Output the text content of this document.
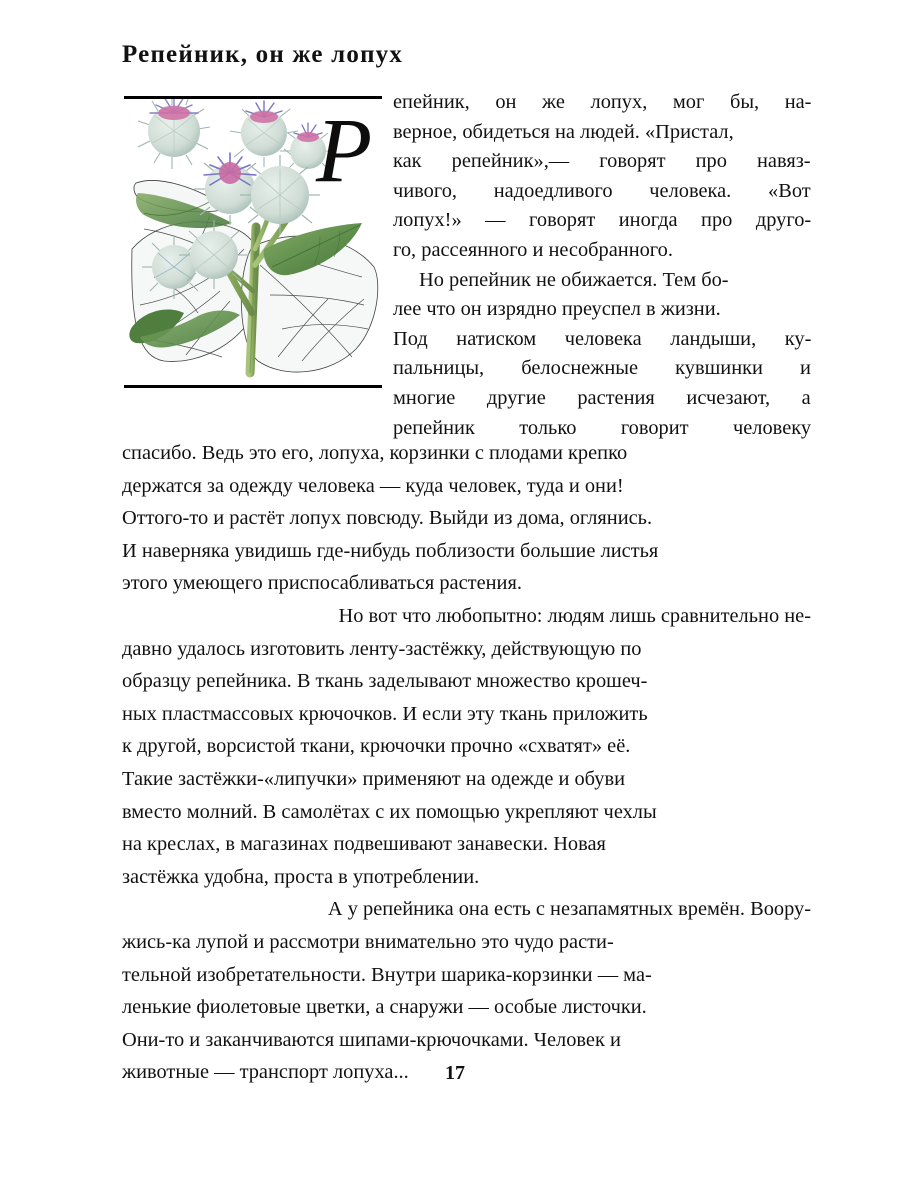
Репейник, он же лопух
Р епейник, он же лопух, мог бы, на-
верное, обидеться на людей. «Пристал,
как репейник»,— говорят про навяз-
чивого, надоедливого человека. «Вот
лопух!» — говорят иногда про друго-
го, рассеянного и несобранного.
Но репейник не обижается. Тем бо-
лее что он изрядно преуспел в жизни.
Под натиском человека ландыши, ку-
пальницы, белоснежные кувшинки и
многие другие растения исчезают, а
репейник только говорит человеку
спасибо. Ведь это его, лопуха, корзинки с плодами крепко
держатся за одежду человека — куда человек, туда и они!
Оттого-то и растёт лопух повсюду. Выйди из дома, оглянись.
И наверняка увидишь где-нибудь поблизости большие листья
этого умеющего приспосабливаться растения.
Но вот что любопытно: людям лишь сравнительно не-
давно удалось изготовить ленту-застёжку, действующую по
образцу репейника. В ткань заделывают множество крошеч-
ных пластмассовых крючочков. И если эту ткань приложить
к другой, ворсистой ткани, крючочки прочно «схватят» её.
Такие застёжки-«липучки» применяют на одежде и обуви
вместо молний. В самолётах с их помощью укрепляют чехлы
на креслах, в магазинах подвешивают занавески. Новая
застёжка удобна, проста в употреблении.
А у репейника она есть с незапамятных времён. Воору-
жись-ка лупой и рассмотри внимательно это чудо расти-
тельной изобретательности. Внутри шарика-корзинки — ма-
ленькие фиолетовые цветки, а снаружи — особые листочки.
Они-то и заканчиваются шипами-крючочками. Человек и
животные — транспорт лопуха...	17
